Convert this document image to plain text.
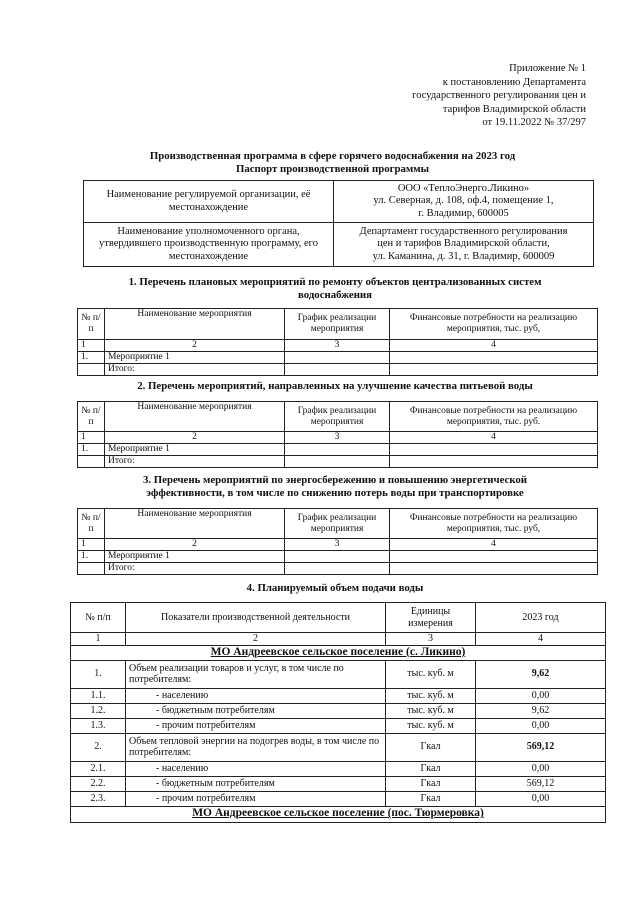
Приложение № 1
к постановлению Департамента
государственного регулирования цен и
тарифов Владимирской области
от 19.11.2022 № 37/297
Производственная программа в сфере горячего водоснабжения на 2023 год
Паспорт производственной программы
Наименование регулируемой организации, её местонахождение	ООО «ТеплоЭнерго.Ликино»
ул. Северная, д. 108, оф.4, помещение 1,
г. Владимир, 600005

Наименование уполномоченного органа, утвердившего производственную программу, его местонахождение	Департамент государственного регулирования
цен и тарифов Владимирской области,
ул. Каманина, д. 31, г. Владимир, 600009
1. Перечень плановых мероприятий по ремонту объектов централизованных систем
водоснабжения
№ п/п	Наименование мероприятия	График реализации мероприятия	Финансовые потребности на реализацию мероприятия, тыс. руб,
1	2	3	4
1.	Мероприятие 1		
	Итого:		
2. Перечень мероприятий, направленных на улучшение качества питьевой воды
№ п/п	Наименование мероприятия	График реализации мероприятия	Финансовые потребности на реализацию мероприятия, тыс. руб.
1	2	3	4
1.	Мероприятие 1		
	Итого:		
3. Перечень мероприятий по энергосбережению и повышению энергетической
эффективности, в том числе по снижению потерь воды при транспортировке
№ п/п	Наименование мероприятия	График реализации мероприятия	Финансовые потребности на реализацию мероприятия, тыс. руб,
1	2	3	4
1.	Мероприятие 1		
	Итого:		
4. Планируемый объем подачи воды
№ п/п	Показатели производственной деятельности	Единицы измерения	2023 год
1	2	3	4
МО Андреевское сельское поселение (с. Ликино)			
1.	Объем реализации товаров и услуг, в том числе по потребителям:	тыс. куб. м	9,62
1.1.	- населению	тыс. куб. м	0,00
1.2.	- бюджетным потребителям	тыс. куб. м	9,62
1.3.	- прочим потребителям	тыс. куб. м	0,00
2.	Объем тепловой энергии на подогрев воды, в том числе по потребителям:	Гкал	569,12
2.1.	- населению	Гкал	0,00
2.2.	- бюджетным потребителям	Гкал	569,12
2.3.	- прочим потребителям	Гкал	0,00
МО Андреевское сельское поселение (пос. Тюрмеровка)			
